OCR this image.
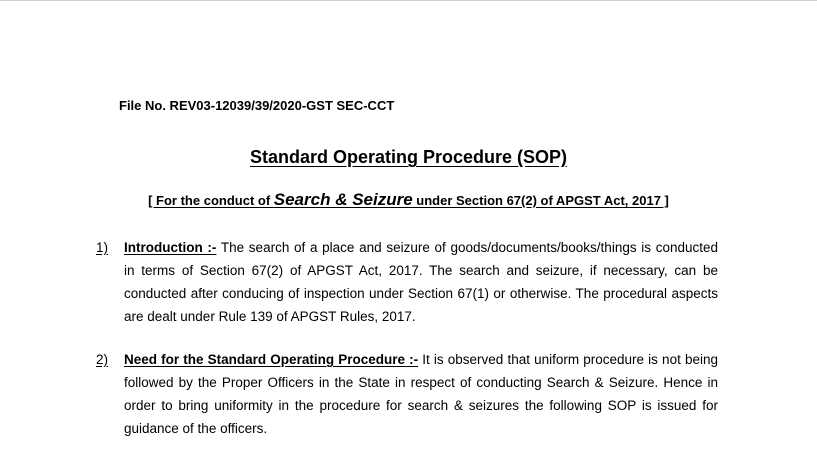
File No. REV03-12039/39/2020-GST SEC-CCT
Standard Operating Procedure (SOP)
[ For the conduct of Search & Seizure under Section 67(2) of APGST Act, 2017 ]
1) Introduction :- The search of a place and seizure of goods/documents/books/things is conducted in terms of Section 67(2) of APGST Act, 2017. The search and seizure, if necessary, can be conducted after conducing of inspection under Section 67(1) or otherwise. The procedural aspects are dealt under Rule 139 of APGST Rules, 2017.
2) Need for the Standard Operating Procedure :- It is observed that uniform procedure is not being followed by the Proper Officers in the State in respect of conducting Search & Seizure. Hence in order to bring uniformity in the procedure for search & seizures the following SOP is issued for guidance of the officers.
